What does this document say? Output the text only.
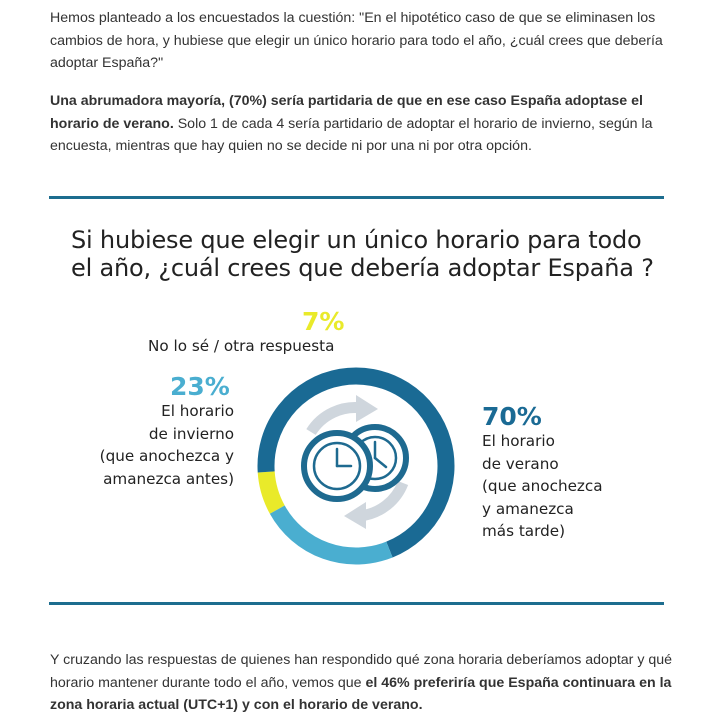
Hemos planteado a los encuestados la cuestión: "En el hipotético caso de que se eliminasen los cambios de hora, y hubiese que elegir un único horario para todo el año, ¿cuál crees que debería adoptar España?"

Una abrumadora mayoría, (70%) sería partidaria de que en ese caso España adoptase el horario de verano. Solo 1 de cada 4 sería partidario de adoptar el horario de invierno, según la encuesta, mientras que hay quien no se decide ni por una ni por otra opción.

Si hubiese que elegir un único horario para todo el año, ¿cuál crees que debería adoptar España ?
7%
No lo sé / otra respuesta
23%
El horario
de invierno
(que anochezca y
amanezca antes)
70%
El horario
de verano
(que anochezca
y amanezca
más tarde)

Y cruzando las respuestas de quienes han respondido qué zona horaria deberíamos adoptar y qué horario mantener durante todo el año, vemos que el 46% preferiría que España continuara en la zona horaria actual (UTC+1) y con el horario de verano.
